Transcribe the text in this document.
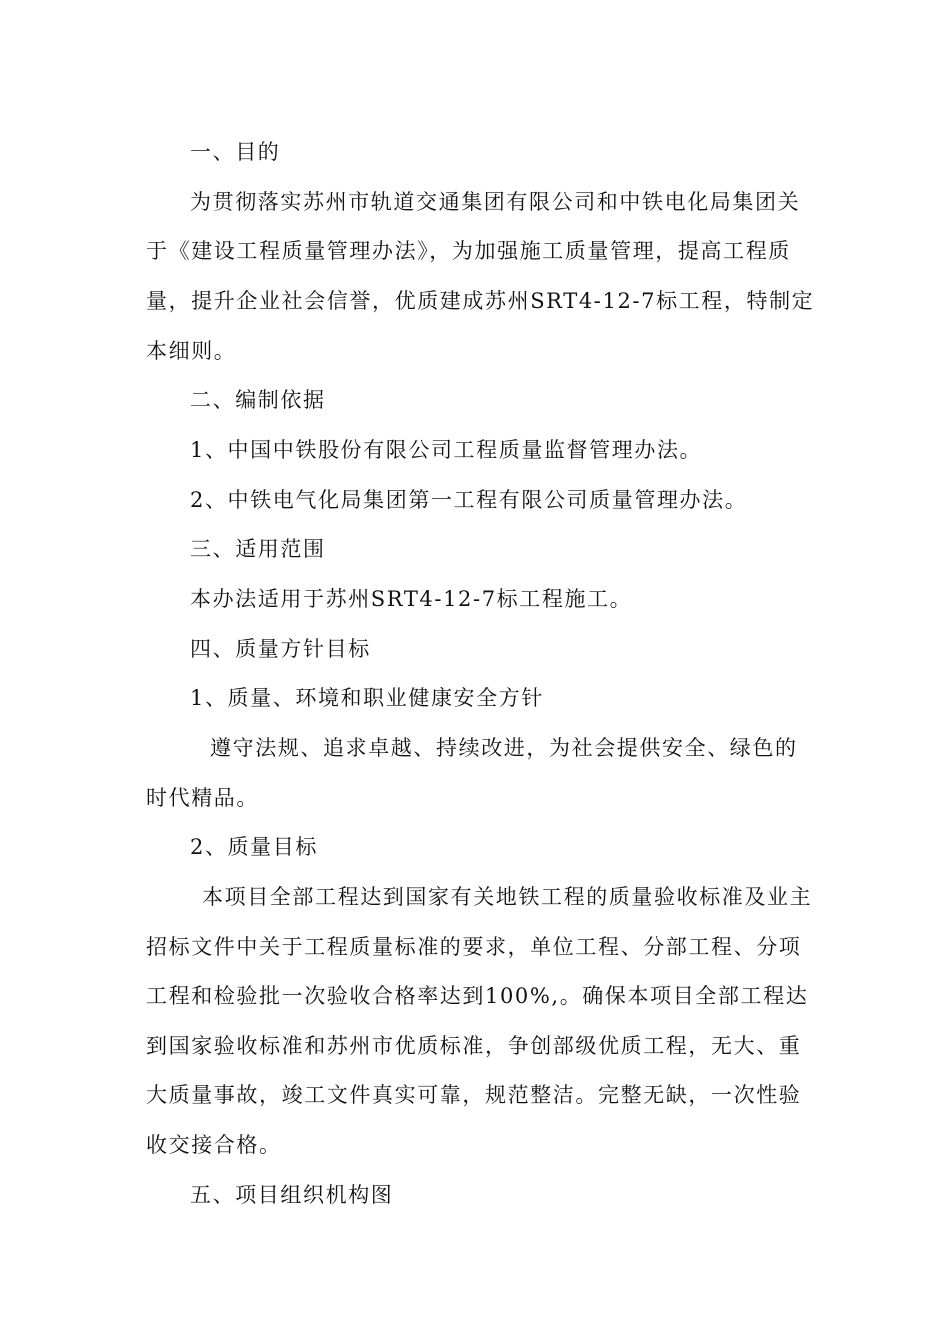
一、目的
为贯彻落实苏州市轨道交通集团有限公司和中铁电化局集团关
于《建设工程质量管理办法》，为加强施工质量管理，提高工程质
量，提升企业社会信誉，优质建成苏州SRT4-12-7标工程，特制定
本细则。
二、编制依据
1、中国中铁股份有限公司工程质量监督管理办法。
2、中铁电气化局集团第一工程有限公司质量管理办法。
三、适用范围
本办法适用于苏州SRT4-12-7标工程施工。
四、质量方针目标
1、质量、环境和职业健康安全方针
遵守法规、追求卓越、持续改进，为社会提供安全、绿色的
时代精品。
2、质量目标
本项目全部工程达到国家有关地铁工程的质量验收标准及业主
招标文件中关于工程质量标准的要求，单位工程、分部工程、分项
工程和检验批一次验收合格率达到100%,。确保本项目全部工程达
到国家验收标准和苏州市优质标准，争创部级优质工程，无大、重
大质量事故，竣工文件真实可靠，规范整洁。完整无缺，一次性验
收交接合格。
五、项目组织机构图
